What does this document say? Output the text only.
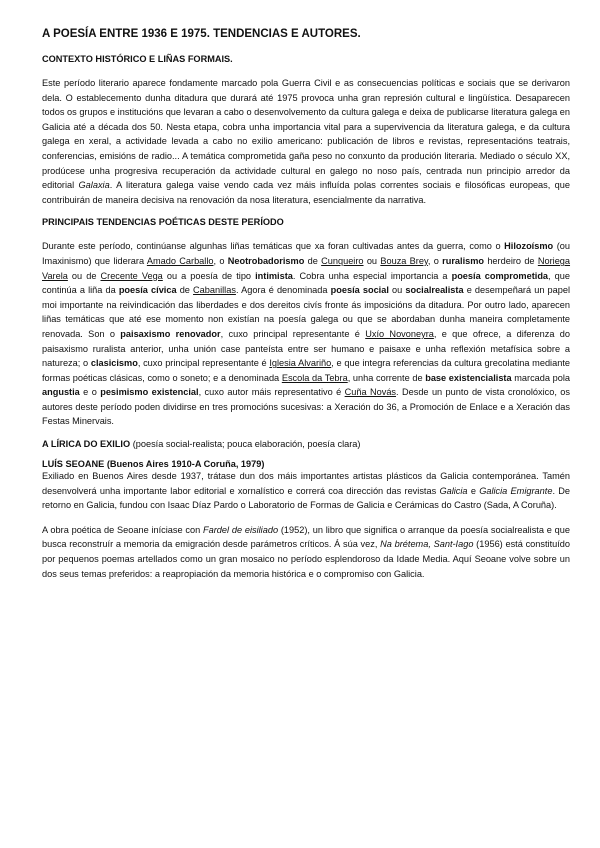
A POESÍA ENTRE 1936 E 1975. TENDENCIAS E AUTORES.
CONTEXTO HISTÓRICO E LIÑAS FORMAIS.

Este período literario aparece fondamente marcado pola Guerra Civil e as consecuencias políticas e sociais que se derivaron dela. O establecemento dunha ditadura que durará até 1975 provoca unha gran represión cultural e lingüística. Desaparecen todos os grupos e institucións que levaran a cabo o desenvolvemento da cultura galega e deixa de publicarse literatura galega en Galicia até a década dos 50. Nesta etapa, cobra unha importancia vital para a supervivencia da literatura galega, e da cultura galega en xeral, a actividade levada a cabo no exilio americano: publicación de libros e revistas, representacións teatrais, conferencias, emisións de radio... A temática comprometida gaña peso no conxunto da produción literaria. Mediado o século XX, prodúcese unha progresiva recuperación da actividade cultural en galego no noso país, centrada nun principio arredor da editorial Galaxia. A literatura galega vaise vendo cada vez máis influída polas correntes sociais e filosóficas europeas, que contribuirán de maneira decisiva na renovación da nosa literatura, esencialmente da narrativa.

PRINCIPAIS TENDENCIAS POÉTICAS DESTE PERÍODO

Durante este período, continúanse algunhas liñas temáticas que xa foran cultivadas antes da guerra, como o Hilozoísmo (ou Imaxinismo) que liderara Amado Carballo, o Neotrobadorismo de Cunqueiro ou Bouza Brey, o ruralismo herdeiro de Noriega Varela ou de Crecente Vega ou a poesía de tipo intimista. Cobra unha especial importancia a poesía comprometida, que continúa a liña da poesía cívica de Cabanillas. Agora é denominada poesía social ou socialrealista e desempeñará un papel moi importante na reivindicación das liberdades e dos dereitos civís fronte ás imposicións da ditadura. Por outro lado, aparecen liñas temáticas que até ese momento non existían na poesía galega ou que se abordaban dunha maneira completamente renovada. Son o paisaxismo renovador, cuxo principal representante é Uxío Novoneyra, e que ofrece, a diferenza do paisaxismo ruralista anterior, unha unión case panteísta entre ser humano e paisaxe e unha reflexión metafísica sobre a natureza; o clasicismo, cuxo principal representante é Iglesia Alvariño, e que integra referencias da cultura grecolatina mediante formas poéticas clásicas, como o soneto; e a denominada Escola da Tebra, unha corrente de base existencialista marcada pola angustia e o pesimismo existencial, cuxo autor máis representativo é Cuña Novás. Desde un punto de vista cronolóxico, os autores deste período poden dividirse en tres promocións sucesivas: a Xeración do 36, a Promoción de Enlace e a Xeración das Festas Minervais.

A LÍRICA DO EXILIO (poesía social-realista; pouca elaboración, poesía clara)
LUÍS SEOANE (Buenos Aires 1910-A Coruña, 1979)

Exiliado en Buenos Aires desde 1937, trátase dun dos máis importantes artistas plásticos da Galicia contemporánea. Tamén desenvolverá unha importante labor editorial e xornalístico e correrá coa dirección das revistas Galicia e Galicia Emigrante. De retorno en Galicia, fundou con Isaac Díaz Pardo o Laboratorio de Formas de Galicia e Cerámicas do Castro (Sada, A Coruña).

A obra poética de Seoane iníciase con Fardel de eisiliado (1952), un libro que significa o arranque da poesía socialrealista e que busca reconstruír a memoria da emigración desde parámetros críticos. Á súa vez, Na brétema, Sant-Iago (1956) está constituído por pequenos poemas artellados como un gran mosaico no período esplendoroso da Idade Media. Aquí Seoane volve sobre un dos seus temas preferidos: a reapropiación da memoria histórica e o compromiso con Galicia.
